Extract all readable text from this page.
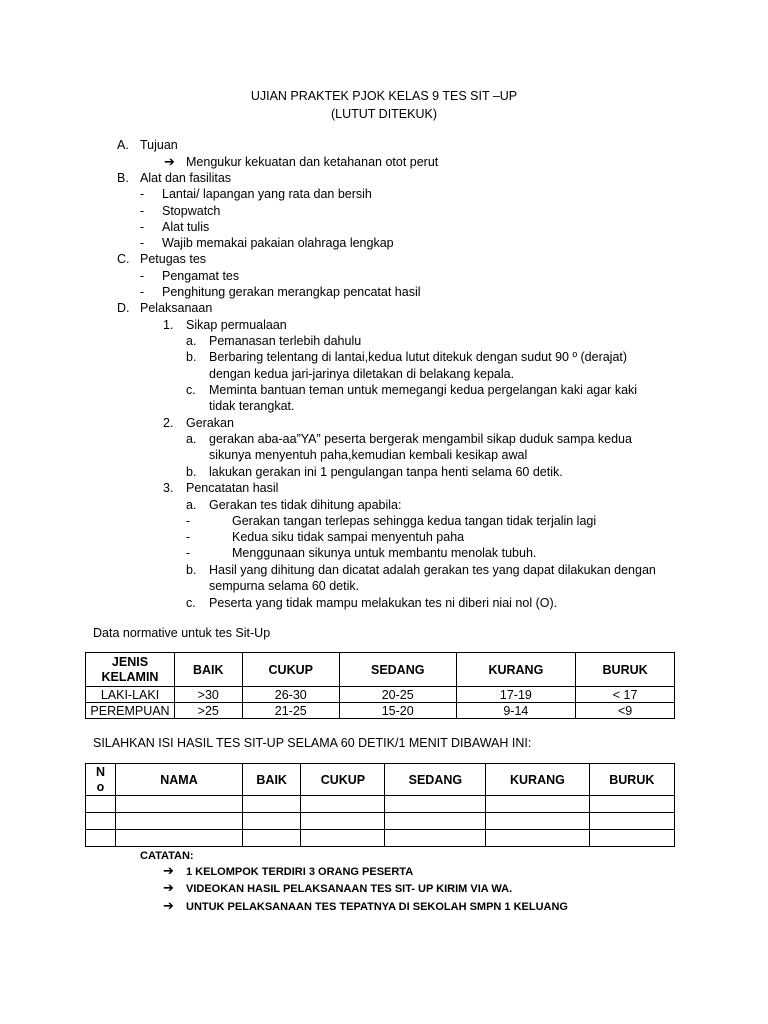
UJIAN PRAKTEK PJOK KELAS 9 TES SIT –UP
(LUTUT DITEKUK)
A. Tujuan
➔ Mengukur kekuatan dan ketahanan otot perut
B. Alat dan fasilitas
- Lantai/ lapangan yang rata dan bersih
- Stopwatch
- Alat tulis
- Wajib memakai pakaian olahraga lengkap
C. Petugas tes
- Pengamat tes
- Penghitung gerakan merangkap pencatat hasil
D. Pelaksanaan
1. Sikap permualaan
a. Pemanasan terlebih dahulu
b. Berbaring telentang di lantai,kedua lutut ditekuk dengan sudut 90 º (derajat)
dengan kedua jari-jarinya diletakan di belakang kepala.
c. Meminta bantuan teman untuk memegangi kedua pergelangan kaki agar kaki
tidak terangkat.
2. Gerakan
a. gerakan aba-aa”YA” peserta bergerak mengambil sikap duduk sampa kedua
sikunya menyentuh paha,kemudian kembali kesikap awal
b. lakukan gerakan ini 1 pengulangan tanpa henti selama 60 detik.
3. Pencatatan hasil
a. Gerakan tes tidak dihitung apabila:
-	Gerakan tangan terlepas sehingga kedua tangan tidak terjalin lagi
-	Kedua siku tidak sampai menyentuh paha
-	Menggunaan sikunya untuk membantu menolak tubuh.
b. Hasil yang dihitung dan dicatat adalah gerakan tes yang dapat dilakukan dengan
sempurna selama 60 detik.
c. Peserta yang tidak mampu melakukan tes ni diberi niai nol (O).
Data normative untuk tes Sit-Up
JENIS
KELAMIN	BAIK	CUKUP	SEDANG	KURANG	BURUK
LAKI-LAKI	>30	26-30	20-25	17-19	< 17
PEREMPUAN	>25	21-25	15-20	9-14	<9
SILAHKAN ISI HASIL TES SIT-UP SELAMA 60 DETIK/1 MENIT DIBAWAH INI:
N
o	NAMA	BAIK	CUKUP	SEDANG	KURANG	BURUK

CATATAN:
➔ 1 KELOMPOK TERDIRI 3 ORANG PESERTA
➔ VIDEOKAN HASIL PELAKSANAAN TES SIT- UP KIRIM VIA WA.
➔ UNTUK PELAKSANAAN TES TEPATNYA DI SEKOLAH SMPN 1 KELUANG
